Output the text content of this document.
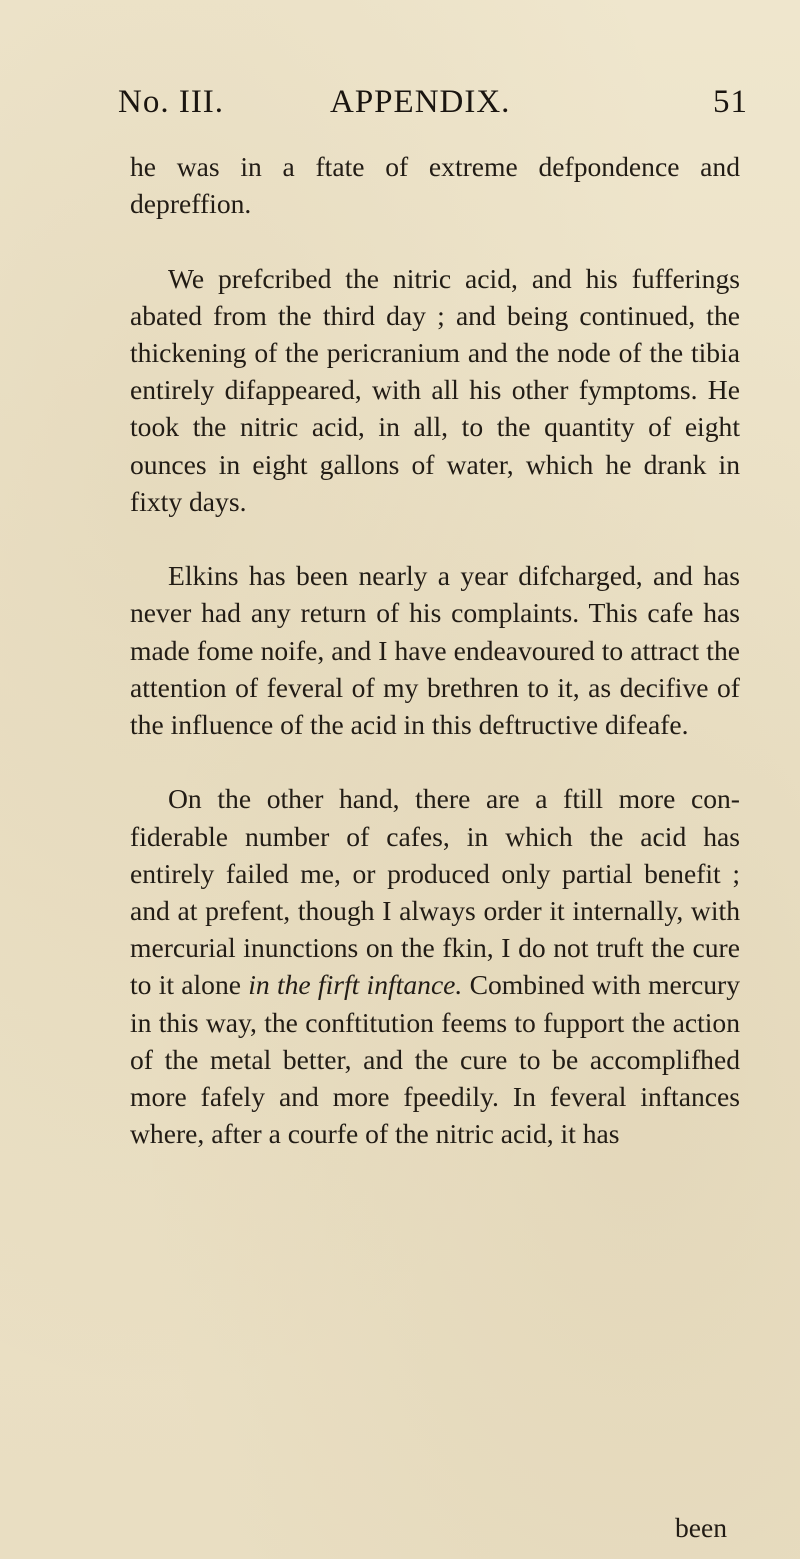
No. III.	APPENDIX.	51

he was in a ftate of extreme defpondence and depreffion.

We prefcribed the nitric acid, and his fufferings abated from the third day ; and being continued, the thickening of the pericranium and the node of the tibia entirely difappeared, with all his other fymptoms. He took the nitric acid, in all, to the quantity of eight ounces in eight gallons of water, which he drank in fixty days.

Elkins has been nearly a year difcharged, and has never had any return of his complaints. This cafe has made fome noife, and I have endeavoured to attract the attention of feveral of my brethren to it, as decifive of the influence of the acid in this deftructive difeafe.

On the other hand, there are a ftill more confiderable number of cafes, in which the acid has entirely failed me, or produced only partial benefit ; and at prefent, though I always order it internally, with mercurial inunctions on the fkin, I do not truft the cure to it alone in the firft inftance. Combined with mercury in this way, the conftitution feems to fupport the action of the metal better, and the cure to be accomplifhed more fafely and more fpeedily. In feveral inftances where, after a courfe of the nitric acid, it has

been
